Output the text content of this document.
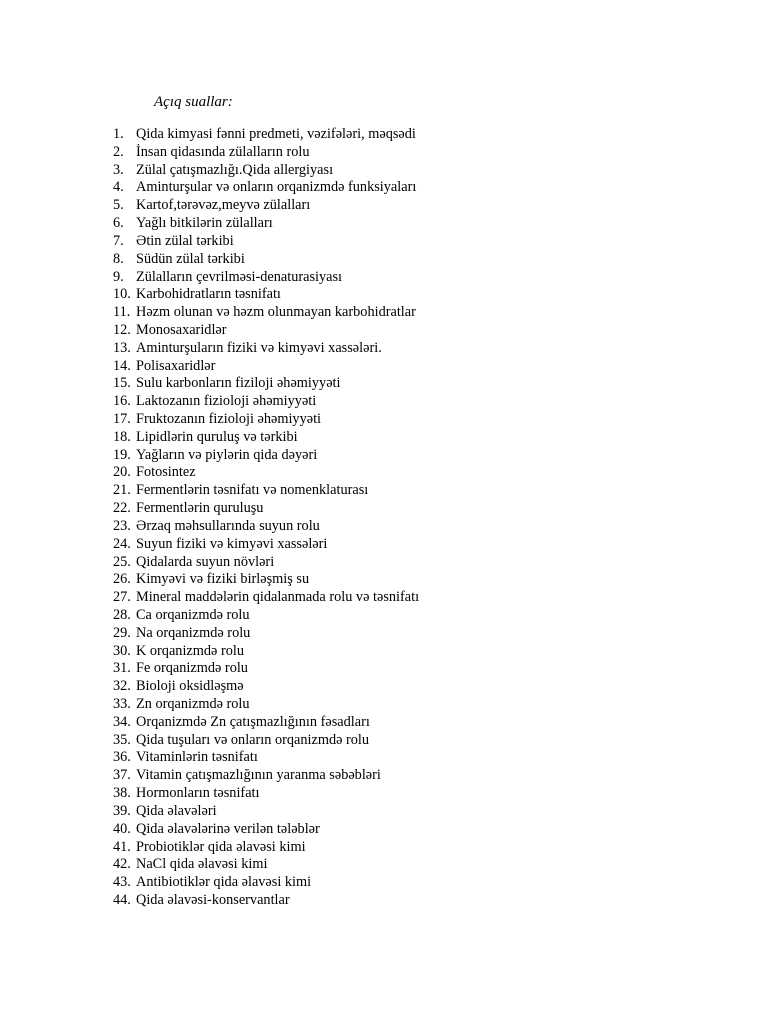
Açıq suallar:
1. Qida kimyasi fənni predmeti, vəzifələri, məqsədi
2. İnsan qidasında zülalların rolu
3. Zülal çatışmazlığı.Qida allergiyası
4. Aminturşular və onların orqanizmdə funksiyaları
5. Kartof,tərəvəz,meyvə zülalları
6. Yağlı bitkilərin zülalları
7. Ətin zülal tərkibi
8. Südün zülal tərkibi
9. Zülalların çevrilməsi-denaturasiyası
10. Karbohidratların təsnifatı
11. Həzm olunan və həzm olunmayan karbohidratlar
12. Monosaxaridlər
13. Aminturşuların fiziki və kimyəvi xassələri.
14. Polisaxaridlər
15. Sulu karbonların fiziloji əhəmiyyəti
16. Laktozanın fizioloji əhəmiyyəti
17. Fruktozanın fizioloji əhəmiyyəti
18. Lipidlərin quruluş və tərkibi
19. Yağların və piylərin qida dəyəri
20. Fotosintez
21. Fermentlərin təsnifatı və nomenklaturası
22. Fermentlərin quruluşu
23. Ərzaq məhsullarında suyun rolu
24. Suyun fiziki və kimyəvi xassələri
25. Qidalarda suyun növləri
26. Kimyəvi və fiziki birləşmiş su
27. Mineral maddələrin qidalanmada rolu və təsnifatı
28. Ca orqanizmdə rolu
29. Na orqanizmdə rolu
30. K orqanizmdə rolu
31. Fe orqanizmdə rolu
32. Bioloji oksidləşmə
33. Zn orqanizmdə rolu
34. Orqanizmdə Zn çatışmazlığının fəsadları
35. Qida tuşuları və onların orqanizmdə rolu
36. Vitaminlərin təsnifatı
37. Vitamin çatışmazlığının yaranma səbəbləri
38. Hormonların təsnifatı
39. Qida əlavələri
40. Qida əlavələrinə verilən tələblər
41. Probiotiklər qida əlavəsi kimi
42. NaCl qida əlavəsi kimi
43. Antibiotiklər qida əlavəsi kimi
44. Qida əlavəsi-konservantlar
